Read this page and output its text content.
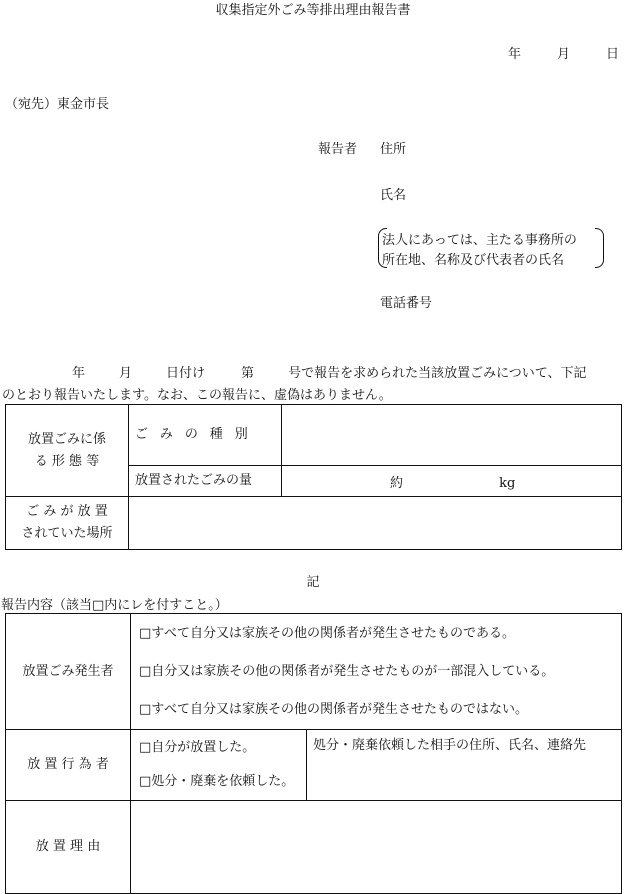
収集指定外ごみ等排出理由報告書
年	月	日
（宛先）東金市長
報告者 住所
氏名
法人にあっては、主たる事務所の
所在地、名称及び代表者の氏名
電話番号
年	月	日付け	第	号で報告を求められた当該放置ごみについて、下記
のとおり報告いたします。なお、この報告に、虚偽はありません。
放置ごみに係
る 形 態 等	ご み の 種 別	

	放置されたごみの量	約 kg

ご み が 放 置
されていた場所		

記
報告内容（該当□内にレを付すこと。）
放置ごみ発生者	□すべて自分又は家族その他の関係者が発生させたものである。
□自分又は家族その他の関係者が発生させたものが一部混入している。
□すべて自分又は家族その他の関係者が発生させたものではない。	

放 置 行 為 者	□自分が放置した。
□処分・廃棄を依頼した。	処分・廃棄依頼した相手の住所、氏名、連絡先

放 置 理 由		
